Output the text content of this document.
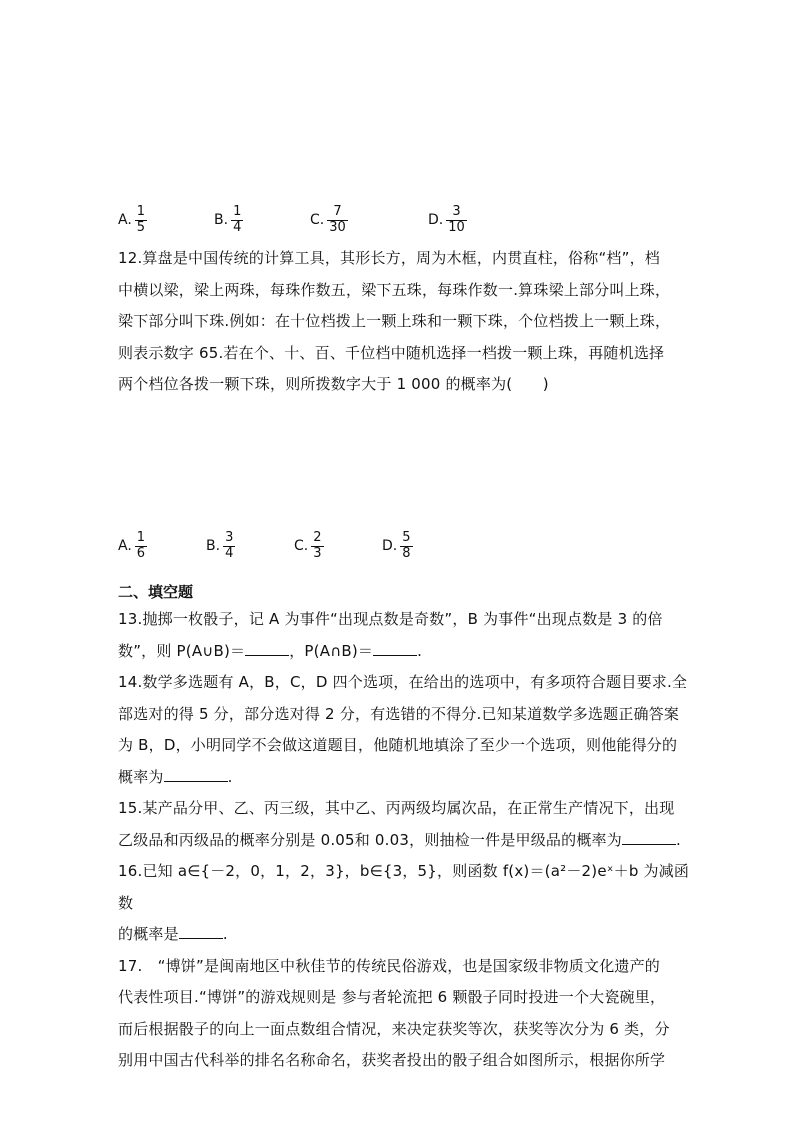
A. $\frac{1}{5}$	B. $\frac{1}{4}$	C. $\frac{7}{30}$	D. $\frac{3}{10}$

12.算盘是中国传统的计算工具，其形长方，周为木框，内贯直柱，俗称“档”，档

中横以梁，梁上两珠，每珠作数五，梁下五珠，每珠作数一.算珠梁上部分叫上珠，

梁下部分叫下珠.例如：在十位档拨上一颗上珠和一颗下珠，个位档拨上一颗上珠，

则表示数字 65.若在个、十、百、千位档中随机选择一档拨一颗上珠，再随机选择

两个档位各拨一颗下珠，则所拨数字大于 1 000 的概率为(　　)

A. $\frac{1}{6}$	B. $\frac{3}{4}$	C. $\frac{2}{3}$	D. $\frac{5}{8}$
二、填空题

13.抛掷一枚骰子，记 A 为事件“出现点数是奇数”，B 为事件“出现点数是 3 的倍

数”，则 P(A∪B)＝	，P(A∩B)＝	.

14.数学多选题有 A，B，C，D 四个选项，在给出的选项中，有多项符合题目要求.全

部选对的得 5 分，部分选对得 2 分，有选错的不得分.已知某道数学多选题正确答案

为 B，D，小明同学不会做这道题目，他随机地填涂了至少一个选项，则他能得分的

概率为	.

15.某产品分甲、乙、丙三级，其中乙、丙两级均属次品，在正常生产情况下，出现

乙级品和丙级品的概率分别是 0.05和 0.03，则抽检一件是甲级品的概率为	.

16.已知 a∈{－2，0，1，2，3}，b∈{3，5}，则函数 f(x)＝(a²－2)eˣ＋b 为减函数

的概率是	.

17.　“博饼”是闽南地区中秋佳节的传统民俗游戏，也是国家级非物质文化遗产的

代表性项目.“博饼”的游戏规则是 参与者轮流把 6 颗骰子同时投进一个大瓷碗里，

而后根据骰子的向上一面点数组合情况，来决定获奖等次，获奖等次分为 6 类，分

别用中国古代科举的排名名称命名，获奖者投出的骰子组合如图所示，根据你所学
